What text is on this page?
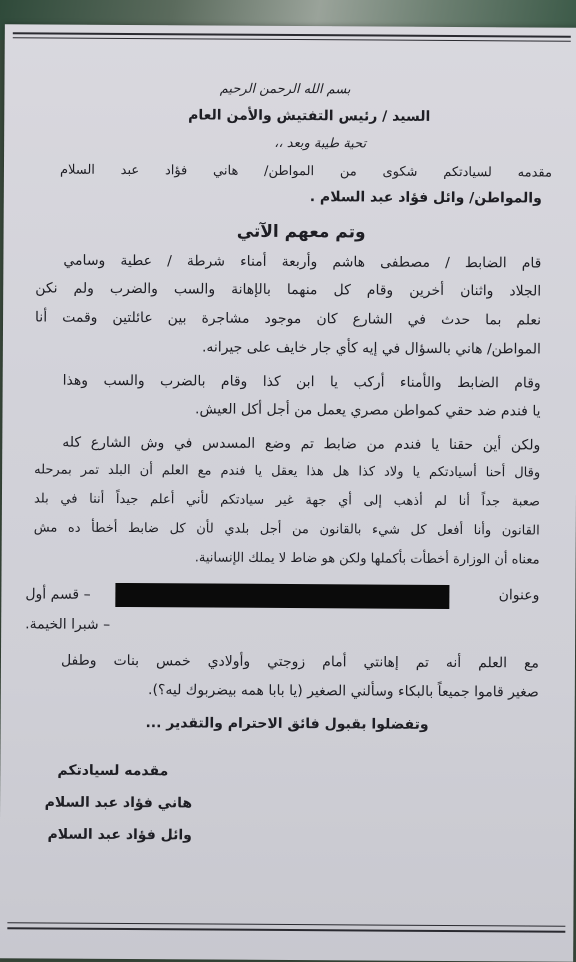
بسم الله الرحمن الرحيم
السيد / رئيس التفتيش والأمن العام
تحية طيبة وبعد ،،
مقدمه لسيادتكم شكوى من المواطن/ هاني فؤاد عبد السلام
والمواطن/ وائل فؤاد عبد السلام .
وتم معهم الآتي
قام الضابط / مصطفى هاشم وأربعة أمناء شرطة / عطية وسامي
الجلاد واثنان أخرين وقام كل منهما بالإهانة والسب والضرب ولم نكن
نعلم بما حدث في الشارع كان موجود مشاجرة بين عائلتين وقمت أنا
المواطن/ هاني بالسؤال في إيه كأي جار خايف على جيرانه.
وقام الضابط والأمناء أركب يا ابن كذا وقام بالضرب والسب وهذا
يا فندم ضد حقي كمواطن مصري يعمل من أجل أكل العيش.
ولكن أين حقنا يا فندم من ضابط تم وضع المسدس في وش الشارع كله
وقال أحنا أسيادتكم يا ولاد كذا هل هذا يعقل يا فندم مع العلم أن البلد تمر بمرحله
صعبة جداً أنا لم أذهب إلى أي جهة غير سيادتكم لأني أعلم جيداً أننا في بلد
القانون وأنا أفعل كل شيء بالقانون من أجل بلدي لأن كل ضابط أخطأ ده مش
معناه أن الوزارة أخطأت بأكملها ولكن هو ضاط لا يملك الإنسانية.
وعنوان
– قسم أول
– شبرا الخيمة.
مع العلم أنه تم إهانتي أمام زوجتي وأولادي خمس بنات وطفل
صغير قاموا جميعاً بالبكاء وسألني الصغير (يا بابا همه بيضربوك ليه؟).
وتفضلوا بقبول فائق الاحترام والتقدير ...
مقدمه لسيادتكم
هاني فؤاد عبد السلام
وائل فؤاد عبد السلام
